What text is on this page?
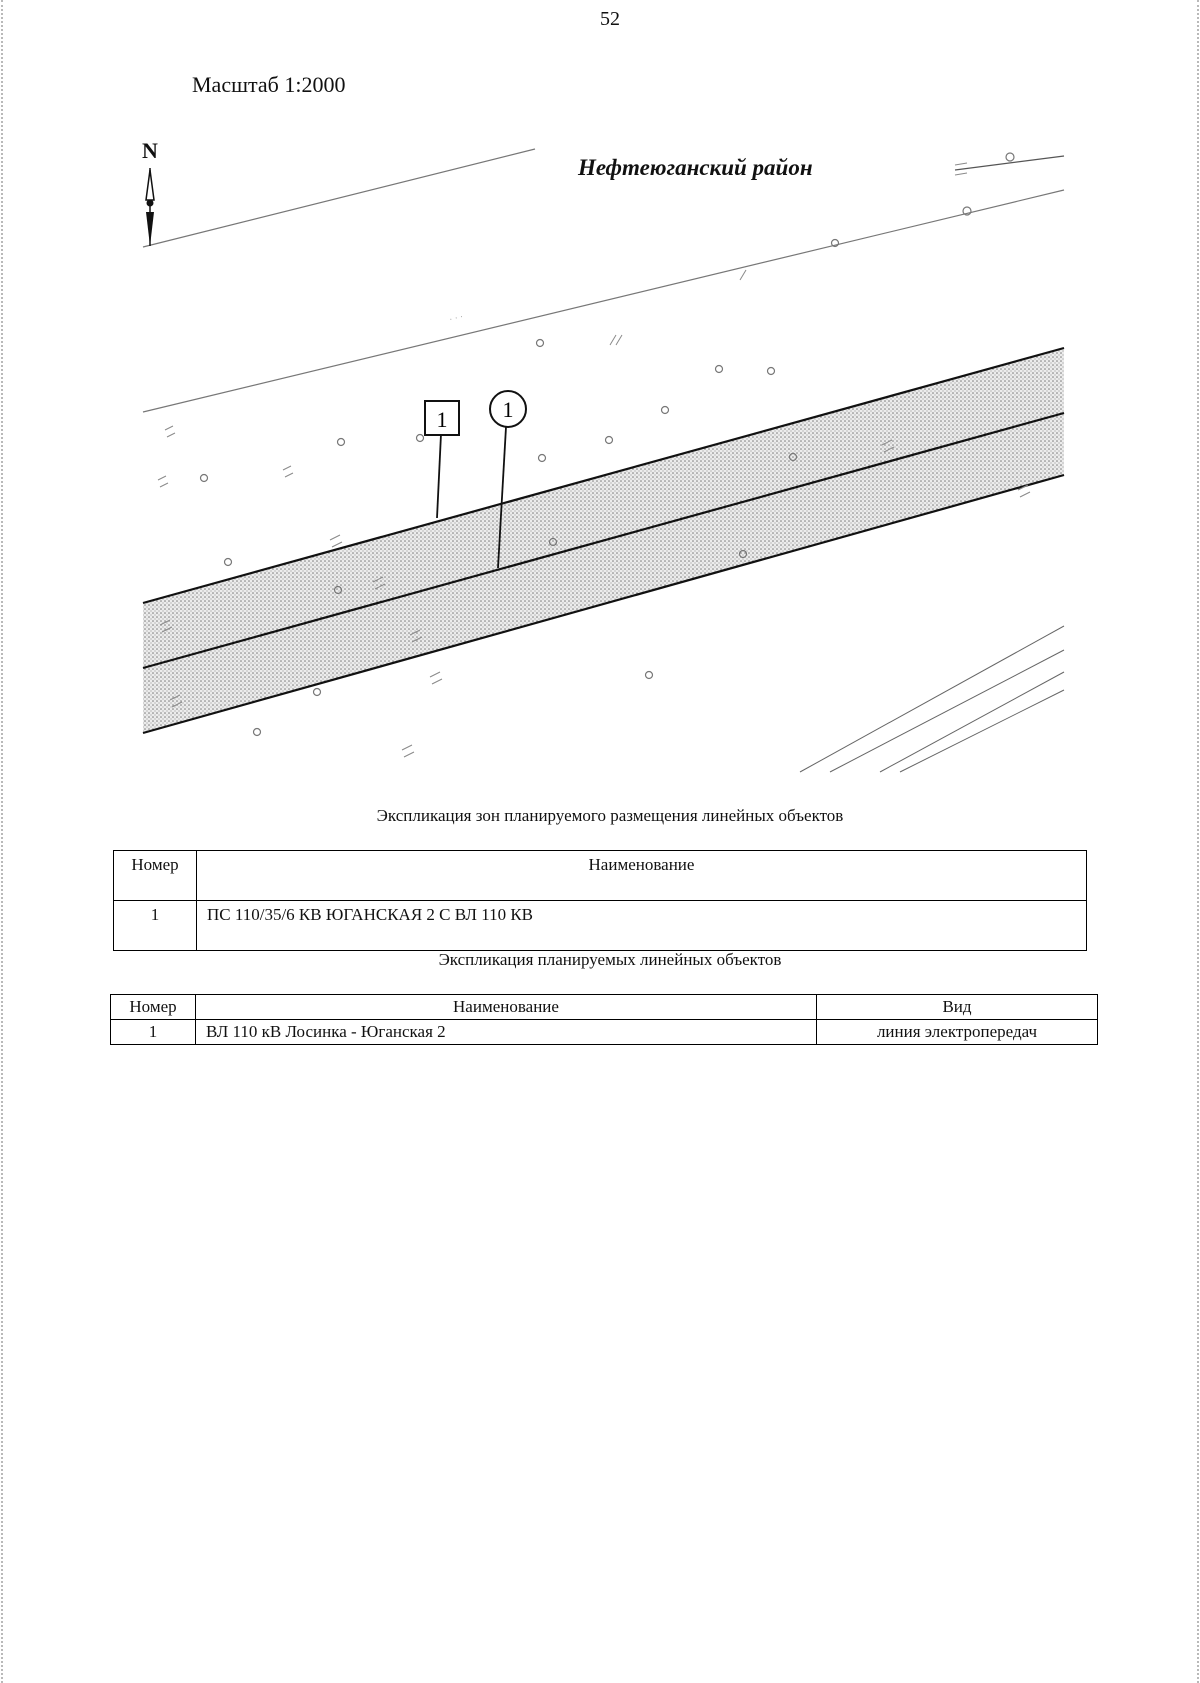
52
Масштаб 1:2000
1	1
· · ·
N
Нефтеюганский район
Экспликация зон планируемого размещения линейных объектов
Номер	Наименование
1	ПС 110/35/6 КВ ЮГАНСКАЯ 2 С ВЛ 110 КВ
Экспликация планируемых линейных объектов
Номер	Наименование	Вид
1	ВЛ 110 кВ Лосинка - Юганская 2	линия электропередач
